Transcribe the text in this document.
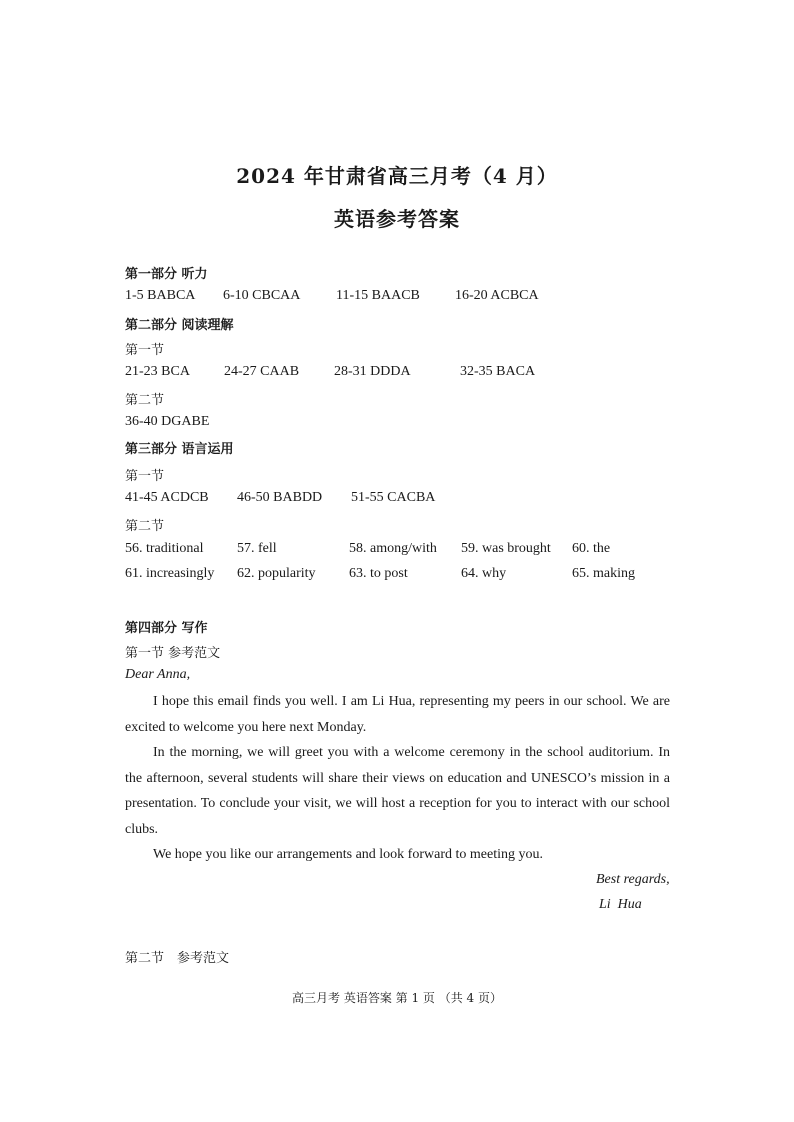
2024 年甘肃省高三月考（4 月）
英语参考答案
第一部分 听力
1-5 BABCA 6-10 CBCAA	11-15 BAACB	16-20 ACBCA
第二部分 阅读理解
第一节
21-23 BCA 24-27 CAAB 28-31 DDDA	32-35 BACA
第二节
36-40 DGABE
第三部分 语言运用
第一节
41-45 ACDCB 46-50 BABDD 51-55 CACBA
第二节
56. traditional 57. fell	58. among/with 59. was brought 60. the
61. increasingly 62. popularity 63. to post	64. why	65. making
第四部分 写作
第一节 参考范文
Dear Anna,

I hope this email finds you well. I am Li Hua, representing my peers in our school. We are excited to welcome you here next Monday.

In the morning, we will greet you with a welcome ceremony in the school auditorium. In the afternoon, several students will share their views on education and UNESCO’s mission in a presentation. To conclude your visit, we will host a reception for you to interact with our school clubs.

We hope you like our arrangements and look forward to meeting you.

Best regards,
Li  Hua
第二节　参考范文
高三月考 英语答案 第 1 页 （共 4 页）
